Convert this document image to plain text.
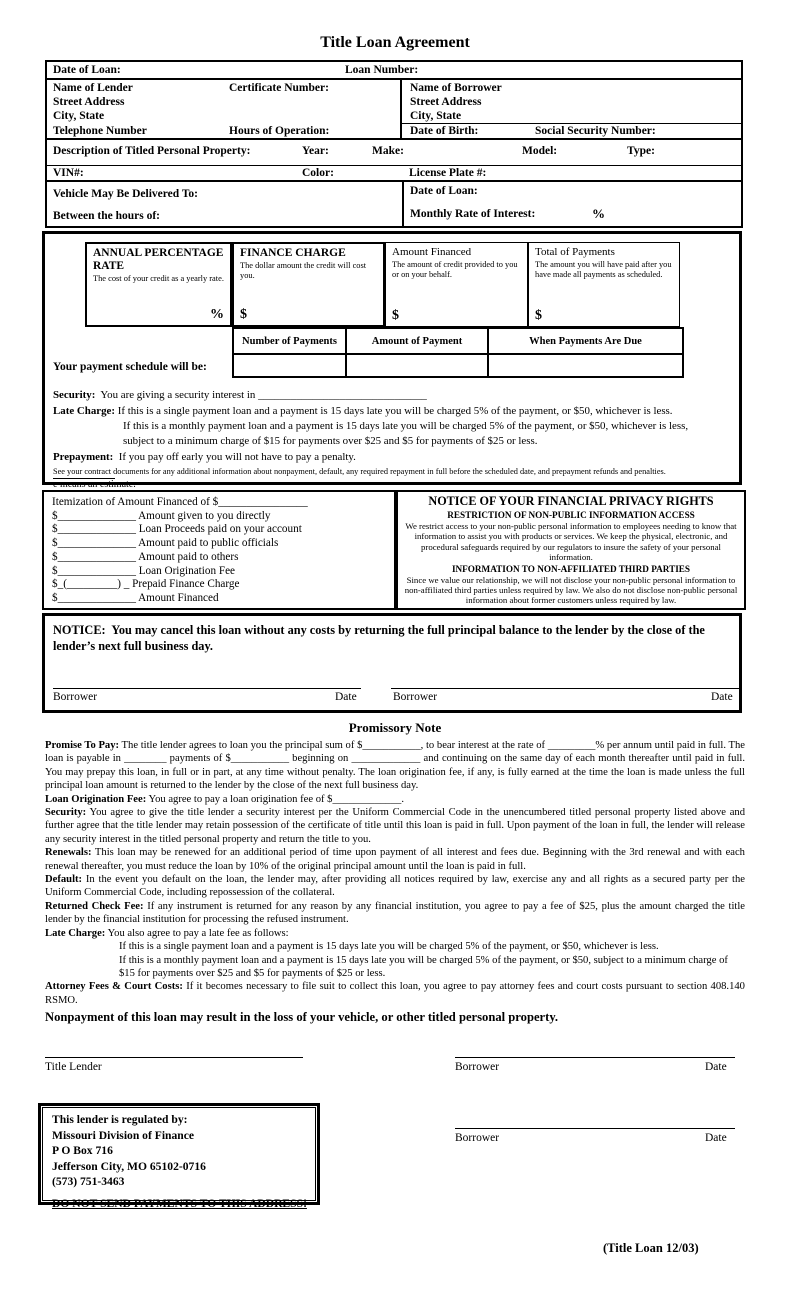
Title Loan Agreement
Date of Loan:	Loan Number:
Name of Lender	Certificate Number:
Street Address
City, State
Telephone Number	Hours of Operation:
Name of Borrower
Street Address
City, State
Date of Birth:	Social Security Number:
Description of Titled Personal Property:	Year:	Make:	Model:	Type:
VIN#:	Color:	License Plate #:
Vehicle May Be Delivered To:
Between the hours of:
Date of Loan:
Monthly Rate of Interest:	%
ANNUAL PERCENTAGE RATE
The cost of your credit as a yearly rate.
%
FINANCE CHARGE
The dollar amount the credit will cost you.
$
Amount Financed
The amount of credit provided to you or on your behalf.
$
Total of Payments
The amount you will have paid after you have made all payments as scheduled.
$
Number of Payments	Amount of Payment	When Payments Are Due
Your payment schedule will be:
Security: You are giving a security interest in _______________________________
Late Charge: If this is a single payment loan and a payment is 15 days late you will be charged 5% of the payment, or $50, whichever is less.
If this is a monthly payment loan and a payment is 15 days late you will be charged 5% of the payment, or $50, whichever is less,
subject to a minimum charge of $15 for payments over $25 and $5 for payments of $25 or less.
Prepayment: If you pay off early you will not have to pay a penalty.
See your contract documents for any additional information about nonpayment, default, any required repayment in full before the scheduled date, and prepayment refunds and penalties.
e means an estimate.
Itemization of Amount Financed of $________________
$______________ Amount given to you directly
$______________ Loan Proceeds paid on your account
$______________ Amount paid to public officials
$______________ Amount paid to others
$______________ Loan Origination Fee
$_(_________) _ Prepaid Finance Charge
$______________ Amount Financed
NOTICE OF YOUR FINANCIAL PRIVACY RIGHTS
RESTRICTION OF NON-PUBLIC INFORMATION ACCESS
We restrict access to your non-public personal information to employees needing to know that information to assist you with products or services. We keep the physical, electronic, and procedural safeguards required by our regulators to insure the safety of your personal information.
INFORMATION TO NON-AFFILIATED THIRD PARTIES
Since we value our relationship, we will not disclose your non-public personal information to non-affiliated third parties unless required by law. We also do not disclose non-public personal information about former customers unless required by law.
NOTICE: You may cancel this loan without any costs by returning the full principal balance to the lender by the close of the lender’s next full business day.
Borrower	Date	Borrower	Date
Promissory Note

Promise To Pay: The title lender agrees to loan you the principal sum of $___________, to bear interest at the rate of _________% per annum until paid in full. The loan is payable in ________ payments of $___________ beginning on _____________ and continuing on the same day of each month thereafter until paid in full. You may prepay this loan, in full or in part, at any time without penalty. The loan origination fee, if any, is fully earned at the time the loan is made unless the full principal loan amount is returned to the lender by the close of the next full business day.

Loan Origination Fee: You agree to pay a loan origination fee of $_____________.

Security: You agree to give the title lender a security interest per the Uniform Commercial Code in the unencumbered titled personal property listed above and further agree that the title lender may retain possession of the certificate of title until this loan is paid in full. Upon payment of the loan in full, the lender will release any security interest in the titled personal property and return the title to you.

Renewals: This loan may be renewed for an additional period of time upon payment of all interest and fees due. Beginning with the 3rd renewal and with each renewal thereafter, you must reduce the loan by 10% of the original principal amount until the loan is paid in full.

Default: In the event you default on the loan, the lender may, after providing all notices required by law, exercise any and all rights as a secured party per the Uniform Commercial Code, including repossession of the collateral.

Returned Check Fee: If any instrument is returned for any reason by any financial institution, you agree to pay a fee of $25, plus the amount charged the title lender by the financial institution for processing the refused instrument.

Late Charge: You also agree to pay a late fee as follows:

If this is a single payment loan and a payment is 15 days late you will be charged 5% of the payment, or $50, whichever is less.

If this is a monthly payment loan and a payment is 15 days late you will be charged 5% of the payment, or $50, subject to a minimum charge of $15 for payments over $25 and $5 for payments of $25 or less.

Attorney Fees & Court Costs: If it becomes necessary to file suit to collect this loan, you agree to pay attorney fees and court costs pursuant to section 408.140 RSMO.

Nonpayment of this loan may result in the loss of your vehicle, or other titled personal property.
Title Lender	Borrower	Date
This lender is regulated by:
Missouri Division of Finance
P O Box 716
Jefferson City, MO 65102-0716
(573) 751-3463
DO NOT SEND PAYMENTS TO THIS ADDRESS!
Borrower	Date
(Title Loan 12/03)
